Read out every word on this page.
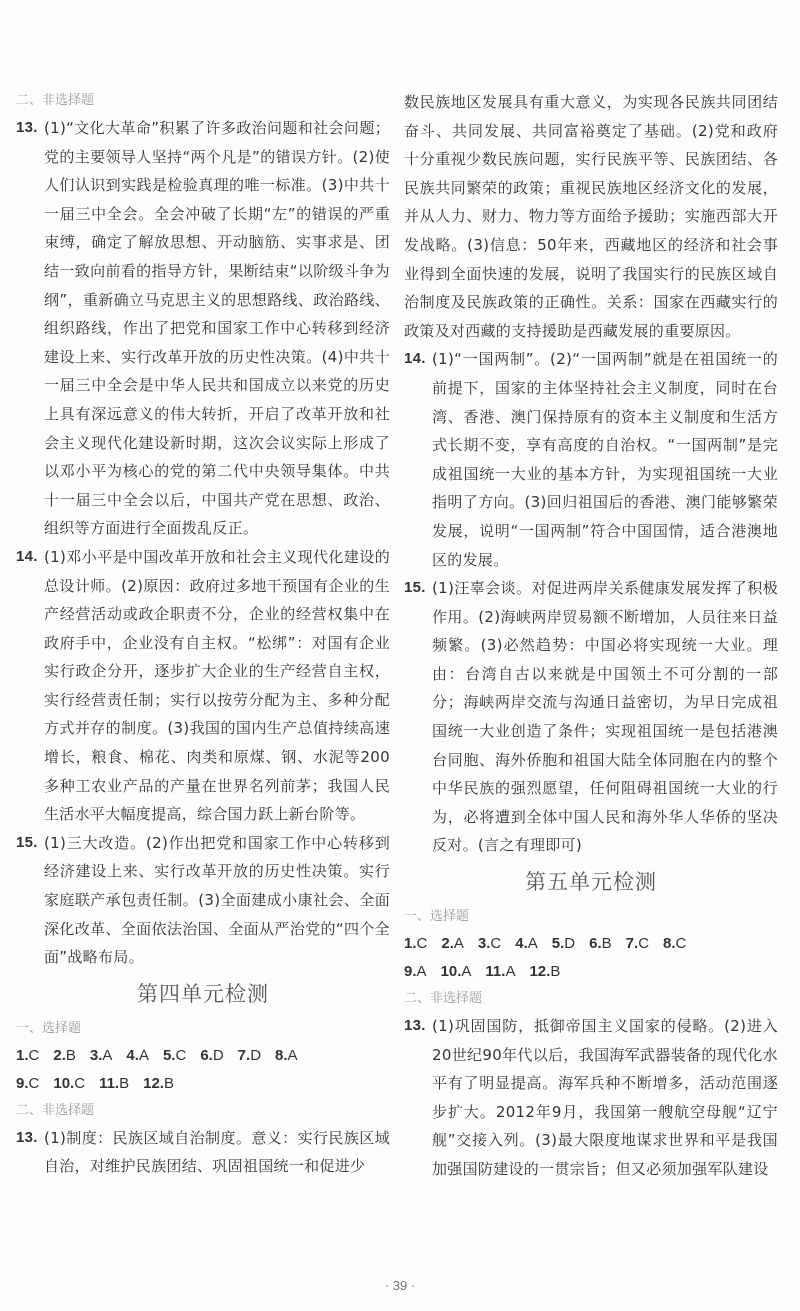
二、非选择题
13. (1)“文化大革命”积累了许多政治问题和社会问题；党的主要领导人坚持“两个凡是”的错误方针。(2)使人们认识到实践是检验真理的唯一标准。(3)中共十一届三中全会。全会冲破了长期“左”的错误的严重束缚，确定了解放思想、开动脑筋、实事求是、团结一致向前看的指导方针，果断结束“以阶级斗争为纲”，重新确立马克思主义的思想路线、政治路线、组织路线，作出了把党和国家工作中心转移到经济建设上来、实行改革开放的历史性决策。(4)中共十一届三中全会是中华人民共和国成立以来党的历史上具有深远意义的伟大转折，开启了改革开放和社会主义现代化建设新时期，这次会议实际上形成了以邓小平为核心的党的第二代中央领导集体。中共十一届三中全会以后，中国共产党在思想、政治、组织等方面进行全面拨乱反正。
14. (1)邓小平是中国改革开放和社会主义现代化建设的总设计师。(2)原因：政府过多地干预国有企业的生产经营活动或政企职责不分，企业的经营权集中在政府手中，企业没有自主权。“松绑”：对国有企业实行政企分开，逐步扩大企业的生产经营自主权，实行经营责任制；实行以按劳分配为主、多种分配方式并存的制度。(3)我国的国内生产总值持续高速增长，粮食、棉花、肉类和原煤、钢、水泥等200多种工农业产品的产量在世界名列前茅；我国人民生活水平大幅度提高，综合国力跃上新台阶等。
15. (1)三大改造。(2)作出把党和国家工作中心转移到经济建设上来、实行改革开放的历史性决策。实行家庭联产承包责任制。(3)全面建成小康社会、全面深化改革、全面依法治国、全面从严治党的“四个全面”战略布局。
第四单元检测
一、选择题
1.C 2.B 3.A 4.A 5.C 6.D 7.D 8.A
9.C 10.C 11.B 12.B
二、非选择题
13. (1)制度：民族区域自治制度。意义：实行民族区域自治，对维护民族团结、巩固祖国统一和促进少
数民族地区发展具有重大意义，为实现各民族共同团结奋斗、共同发展、共同富裕奠定了基础。(2)党和政府十分重视少数民族问题，实行民族平等、民族团结、各民族共同繁荣的政策；重视民族地区经济文化的发展，并从人力、财力、物力等方面给予援助；实施西部大开发战略。(3)信息：50年来，西藏地区的经济和社会事业得到全面快速的发展，说明了我国实行的民族区域自治制度及民族政策的正确性。关系：国家在西藏实行的政策及对西藏的支持援助是西藏发展的重要原因。
14. (1)“一国两制”。(2)“一国两制”就是在祖国统一的前提下，国家的主体坚持社会主义制度，同时在台湾、香港、澳门保持原有的资本主义制度和生活方式长期不变，享有高度的自治权。“一国两制”是完成祖国统一大业的基本方针，为实现祖国统一大业指明了方向。(3)回归祖国后的香港、澳门能够繁荣发展，说明“一国两制”符合中国国情，适合港澳地区的发展。
15. (1)汪辜会谈。对促进两岸关系健康发展发挥了积极作用。(2)海峡两岸贸易额不断增加，人员往来日益频繁。(3)必然趋势：中国必将实现统一大业。理由：台湾自古以来就是中国领土不可分割的一部分；海峡两岸交流与沟通日益密切，为早日完成祖国统一大业创造了条件；实现祖国统一是包括港澳台同胞、海外侨胞和祖国大陆全体同胞在内的整个中华民族的强烈愿望，任何阻碍祖国统一大业的行为，必将遭到全体中国人民和海外华人华侨的坚决反对。(言之有理即可)
第五单元检测
一、选择题
1.C 2.A 3.C 4.A 5.D 6.B 7.C 8.C
9.A 10.A 11.A 12.B
二、非选择题
13. (1)巩固国防，抵御帝国主义国家的侵略。(2)进入20世纪90年代以后，我国海军武器装备的现代化水平有了明显提高。海军兵种不断增多，活动范围逐步扩大。2012年9月，我国第一艘航空母舰“辽宁舰”交接入列。(3)最大限度地谋求世界和平是我国加强国防建设的一贯宗旨；但又必须加强军队建设
· 39 ·
